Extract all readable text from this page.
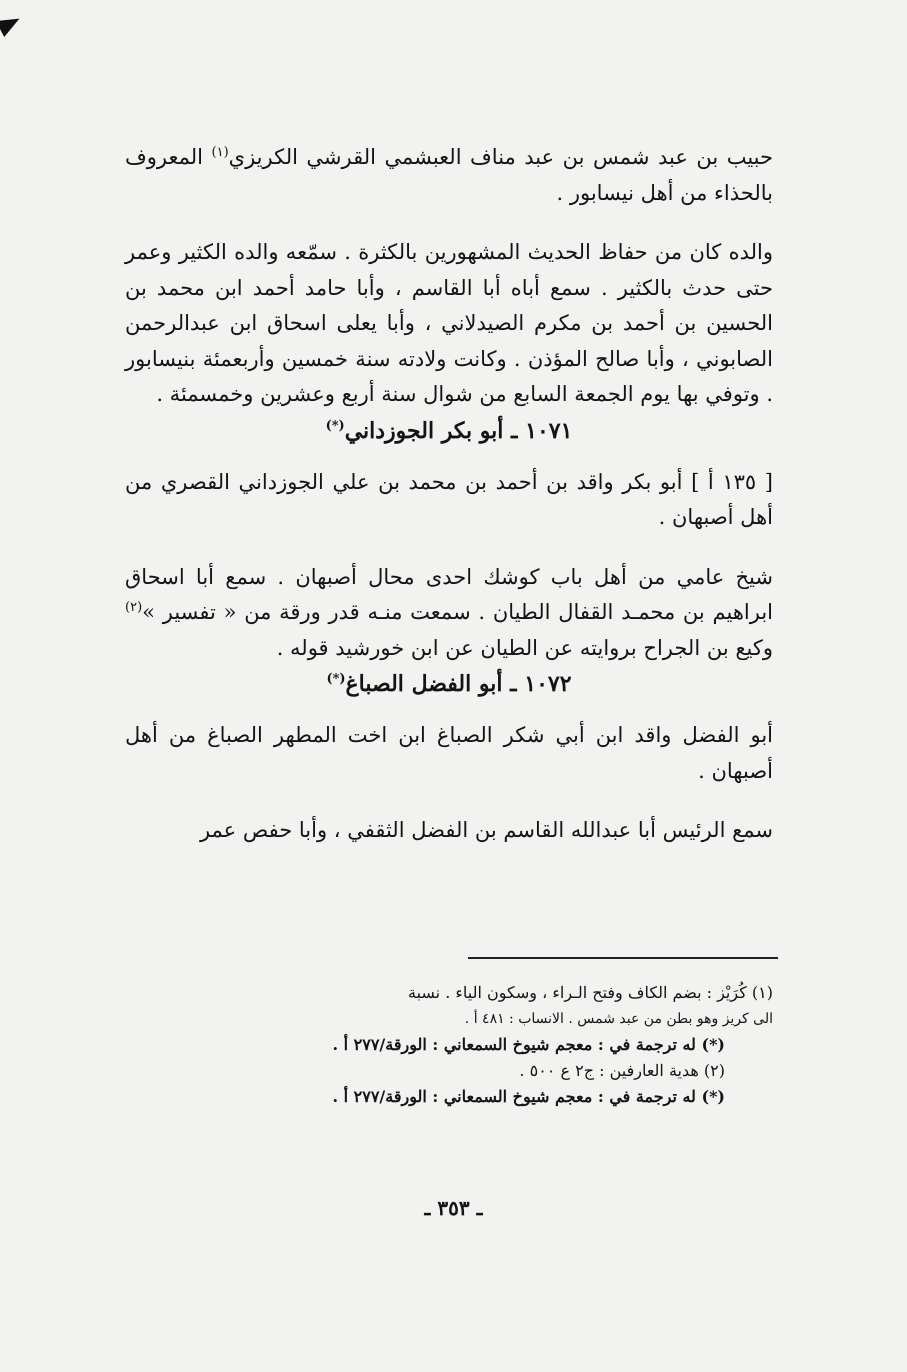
حبيب بن عبد شمس بن عبد مناف العبشمي القرشي الكريزي$^{(١)}$ المعروف بالحذاء من أهل نيسابور .

والده كان من حفاظ الحديث المشهورين بالكثرة . سمّعه والده الكثير وعمر حتى حدث بالكثير . سمع أباه أبا القاسم ، وأبا حامد أحمد ابن محمد بن الحسين بن أحمد بن مكرم الصيدلاني ، وأبا يعلى اسحاق ابن عبدالرحمن الصابوني ، وأبا صالح المؤذن . وكانت ولادته سنة خمسين وأربعمئة بنيسابور . وتوفي بها يوم الجمعة السابع من شوال سنة أربع وعشرين وخمسمئة .

١٠٧١ ـ أبو بكر الجوزداني(*)

[ ١٣٥ أ ] أبو بكر واقد بن أحمد بن محمد بن علي الجوزداني القصري من أهل أصبهان .

شيخ عامي من أهل باب كوشك احدى محال أصبهان . سمع أبا اسحاق ابراهيم بن محمـد القفال الطيان . سمعت منـه قدر ورقة من « تفسير »$^{(٢)}$ وكيع بن الجراح بروايته عن الطيان عن ابن خورشيد قوله .

١٠٧٢ ـ أبو الفضل الصباغ(*)

أبو الفضل واقد ابن أبي شكر الصباغ ابن اخت المطهر الصباغ من أهل أصبهان .

سمع الرئيس أبا عبدالله القاسم بن الفضل الثقفي ، وأبا حفص عمر

(١) كُرَيْز : بضم الكاف وفتح الـراء ، وسكون الياء . نسبة

الى كريز وهو بطن من عبد شمس . الانساب : ٤٨١ أ .

(*) له ترجمة في : معجم شيوخ السمعاني : الورقة/٢٧٧ أ .

(٢) هدية العارفين : ج٢ ع ٥٠٠ .

(*) له ترجمة في : معجم شيوخ السمعاني : الورقة/٢٧٧ أ .

ـ ٣٥٣ ـ
